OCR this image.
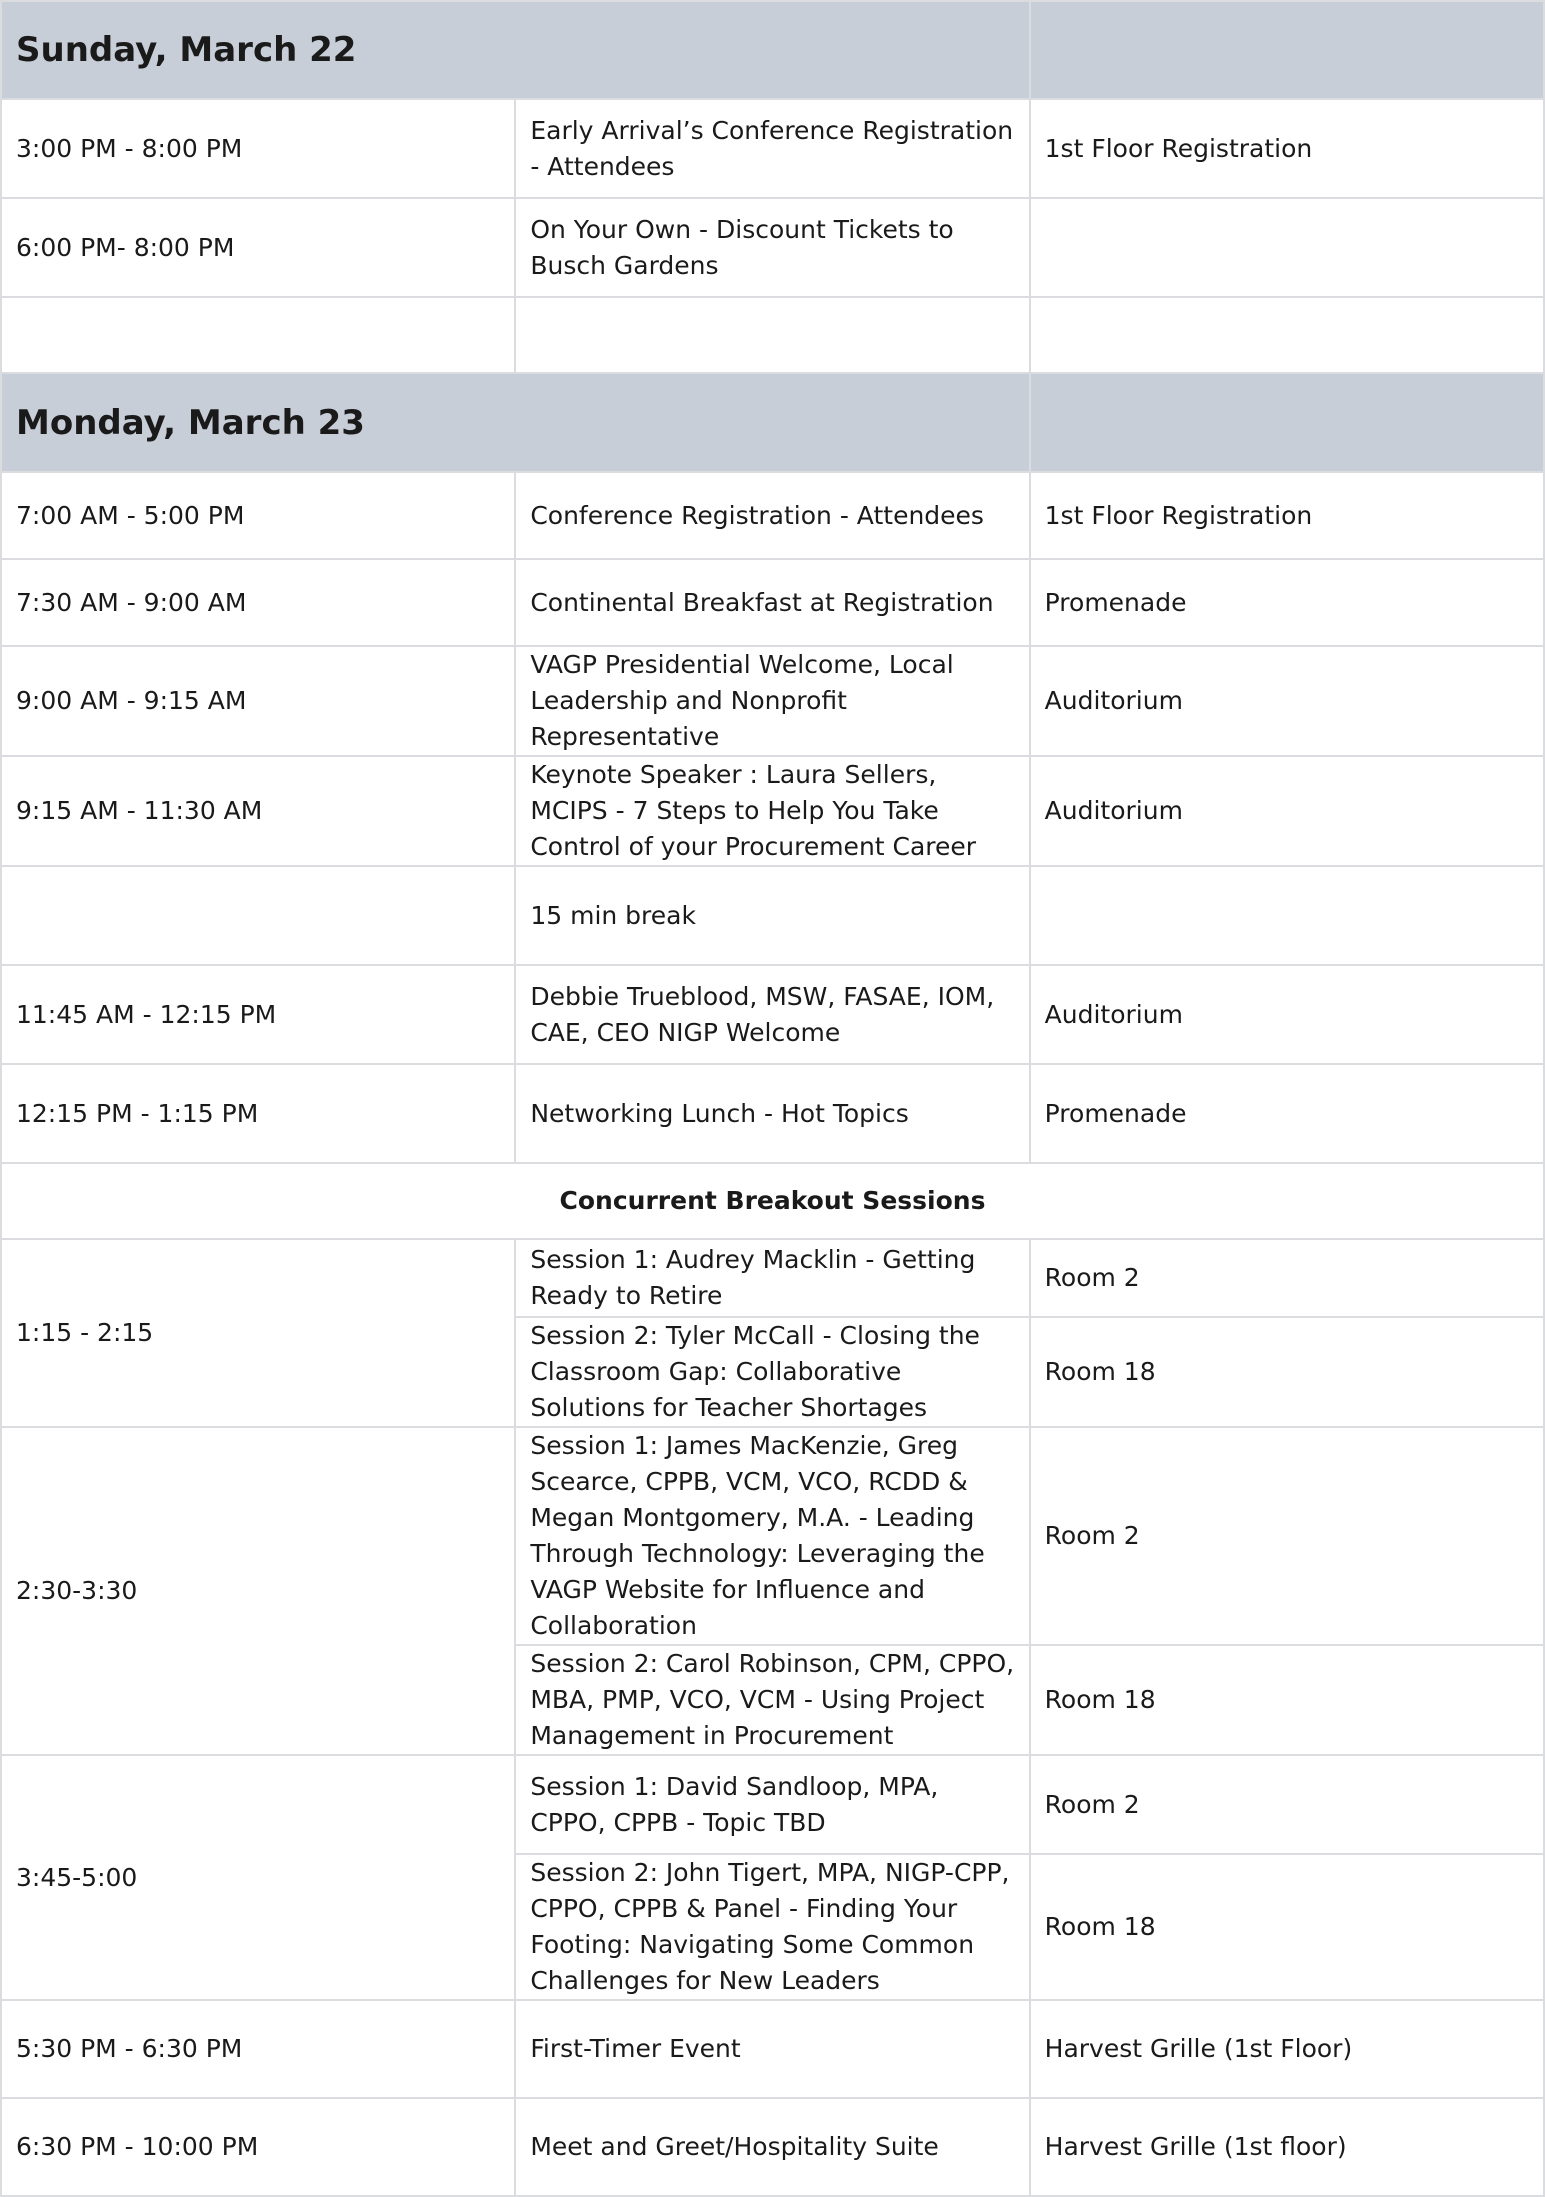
Sunday, March 22		
3:00 PM - 8:00 PM	Early Arrival’s Conference Registration - Attendees	1st Floor Registration
6:00 PM- 8:00 PM	On Your Own - Discount Tickets to Busch Gardens	

Monday, March 23		
7:00 AM - 5:00 PM	Conference Registration - Attendees	1st Floor Registration
7:30 AM - 9:00 AM	Continental Breakfast at Registration	Promenade
9:00 AM - 9:15 AM	VAGP Presidential Welcome, Local Leadership and Nonprofit Representative	Auditorium
9:15 AM - 11:30 AM	Keynote Speaker : Laura Sellers, MCIPS - 7 Steps to Help You Take Control of your Procurement Career	Auditorium
	15 min break	
11:45 AM - 12:15 PM	Debbie Trueblood, MSW, FASAE, IOM, CAE, CEO NIGP Welcome	Auditorium
12:15 PM - 1:15 PM	Networking Lunch - Hot Topics	Promenade
Concurrent Breakout Sessions		
1:15 - 2:15	Session 1: Audrey Macklin - Getting Ready to Retire	Room 2
	Session 2: Tyler McCall - Closing the Classroom Gap: Collaborative Solutions for Teacher Shortages	Room 18
2:30-3:30	Session 1: James MacKenzie, Greg Scearce, CPPB, VCM, VCO, RCDD & Megan Montgomery, M.A. - Leading Through Technology: Leveraging the VAGP Website for Influence and Collaboration	Room 2
	Session 2: Carol Robinson, CPM, CPPO, MBA, PMP, VCO, VCM - Using Project Management in Procurement	Room 18
3:45-5:00	Session 1: David Sandloop, MPA, CPPO, CPPB - Topic TBD	Room 2
	Session 2: John Tigert, MPA, NIGP-CPP, CPPO, CPPB & Panel - Finding Your Footing: Navigating Some Common Challenges for New Leaders	Room 18
5:30 PM - 6:30 PM	First-Timer Event	Harvest Grille (1st Floor)
6:30 PM - 10:00 PM	Meet and Greet/Hospitality Suite	Harvest Grille (1st floor)
